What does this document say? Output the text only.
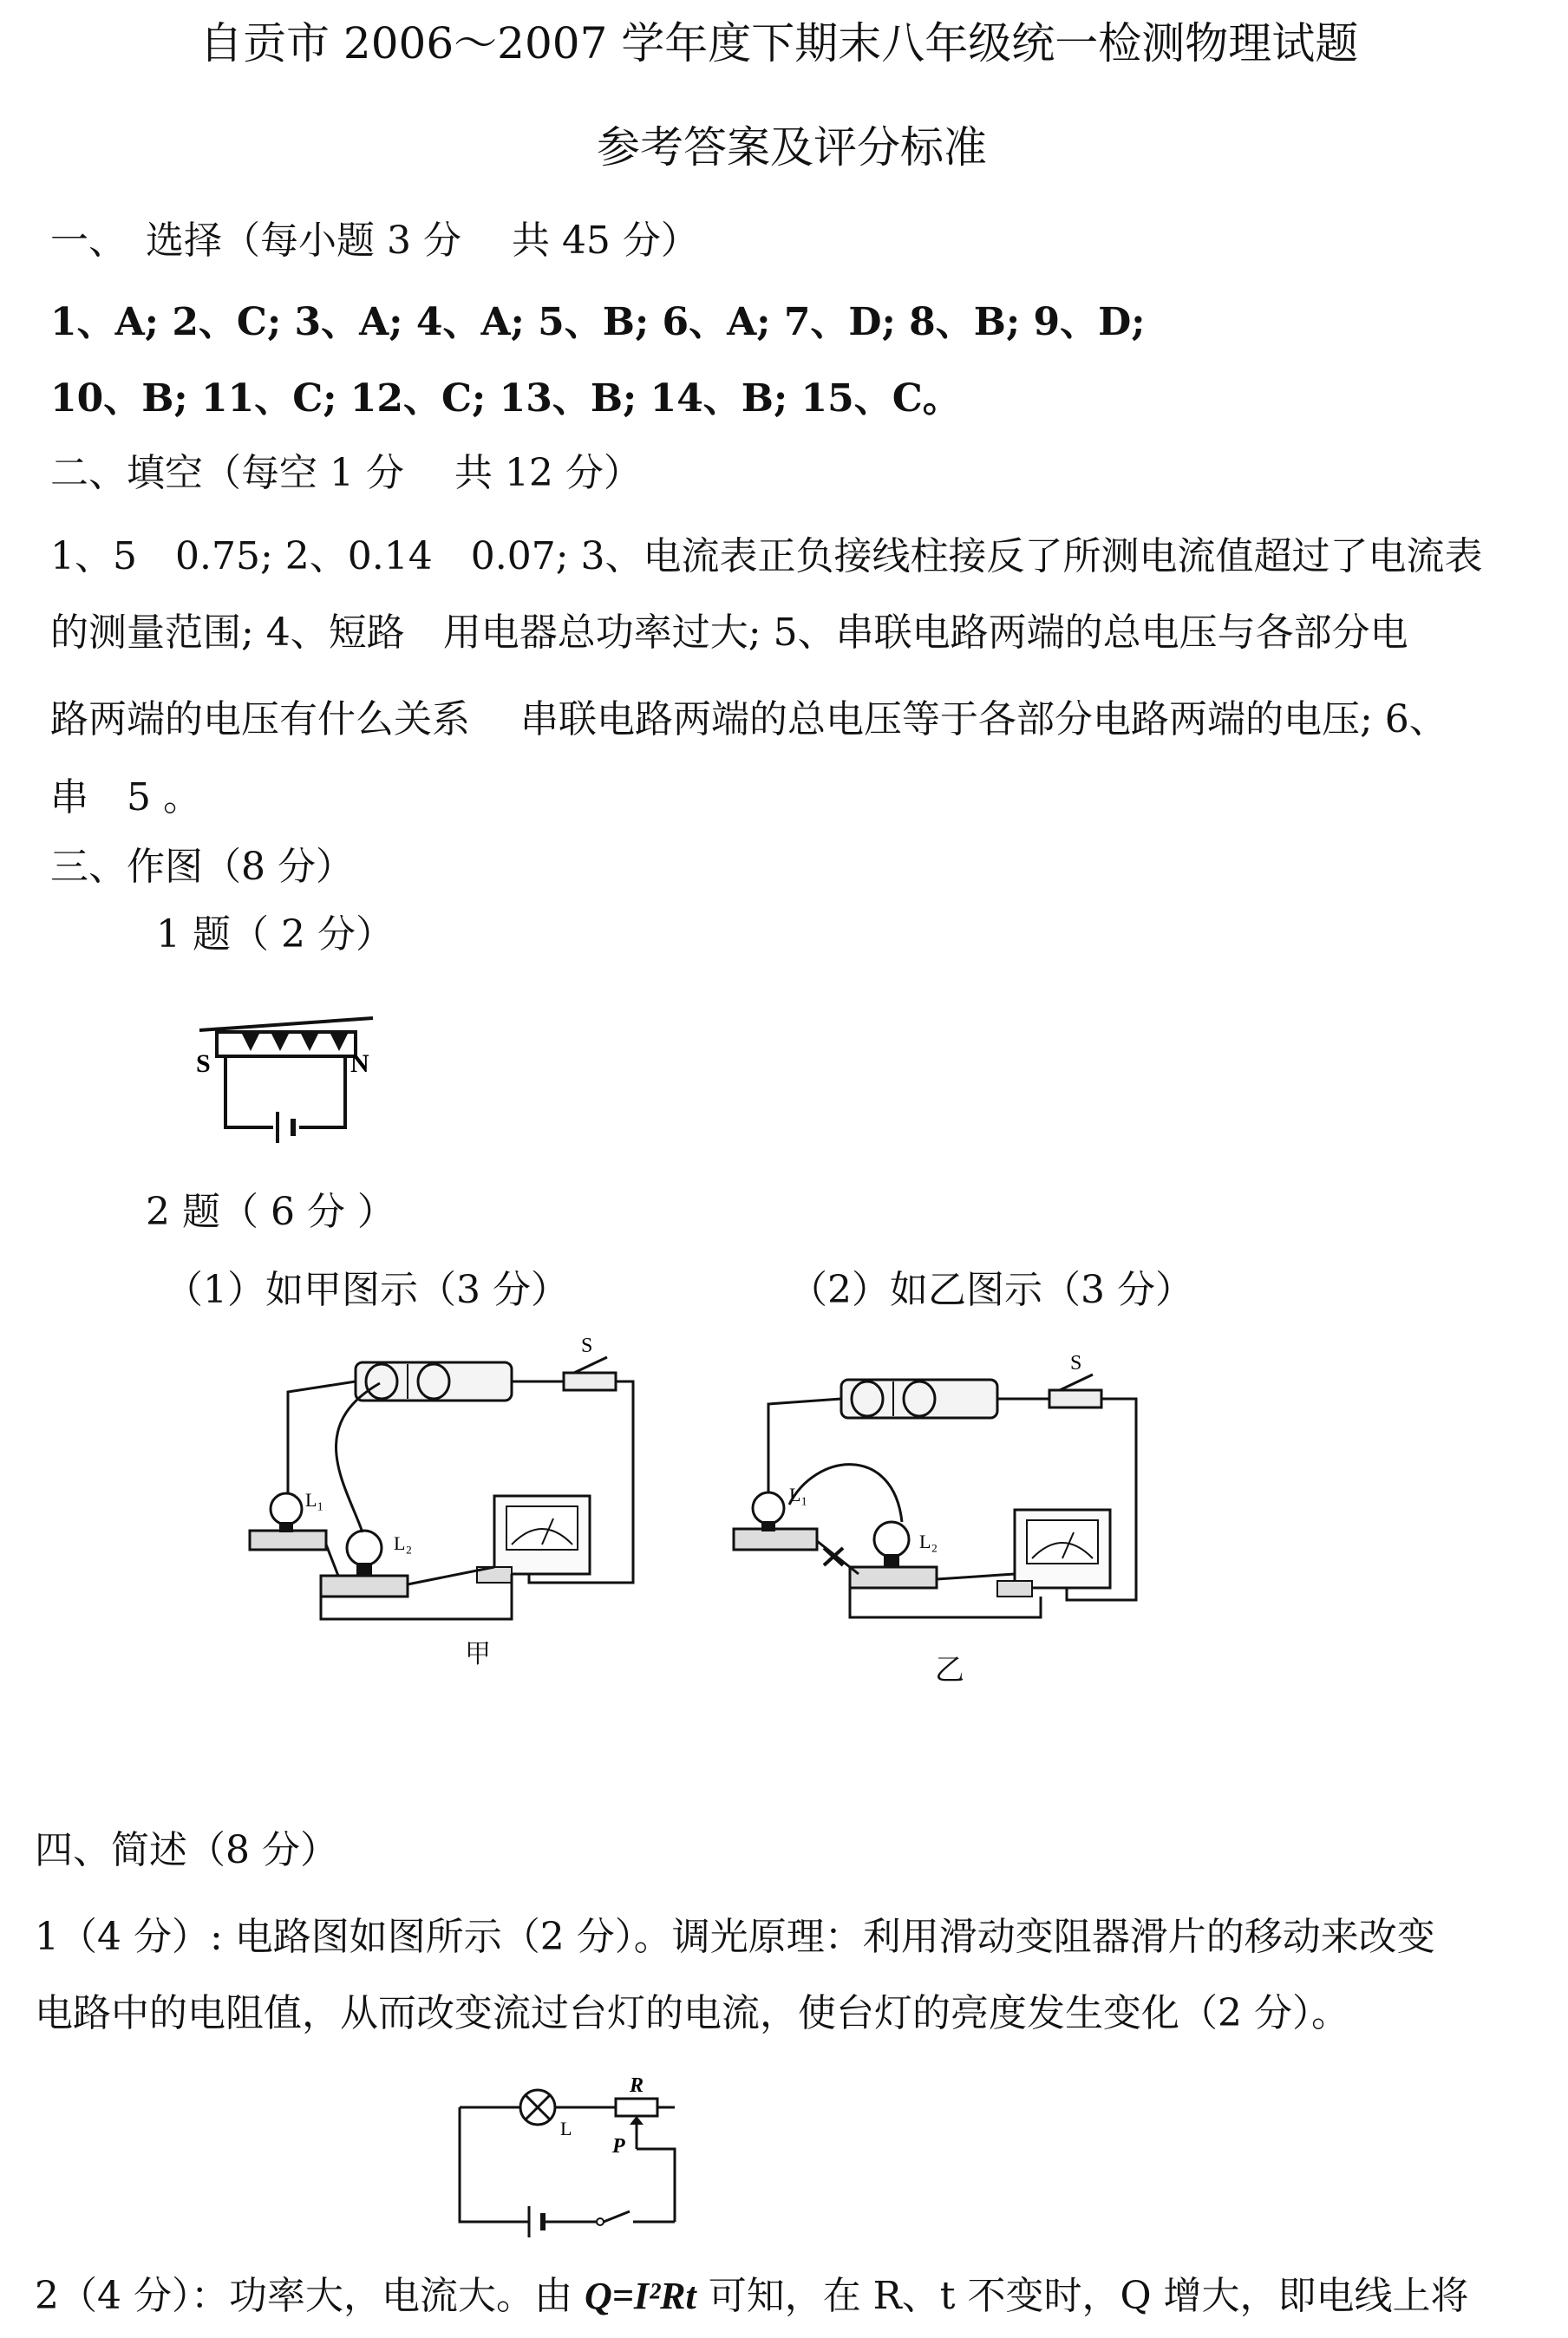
自贡市 2006～2007 学年度下期末八年级统一检测物理试题
参考答案及评分标准
一、　选择（每小题 3 分　 共 45 分）
1、A; 2、C; 3、A; 4、A; 5、B; 6、A; 7、D; 8、B; 9、D;
10、B; 11、C; 12、C; 13、B; 14、B; 15、C。
二、填空（每空 1 分　 共 12 分）
1、5　0.75; 2、0.14　0.07; 3、电流表正负接线柱接反了所测电流值超过了电流表
的测量范围; 4、短路　用电器总功率过大; 5、串联电路两端的总电压与各部分电
路两端的电压有什么关系　 串联电路两端的总电压等于各部分电路两端的电压; 6、
串　5 。
三、作图（8 分）
1 题（ 2 分）
S	N
2 题（ 6 分 ）
（1）如甲图示（3 分）	（2）如乙图示（3 分）
S
L₁
L₂
甲
S
L₁
L₂
乙
四、简述（8 分）
1（4 分）: 电路图如图所示（2 分）。调光原理：利用滑动变阻器滑片的移动来改变
电路中的电阻值，从而改变流过台灯的电流，使台灯的亮度发生变化（2 分）。
L
R
P
2（4 分）：功率大，电流大。由 Q=I²Rt 可知，在 R、t 不变时，Q 增大，即电线上将
